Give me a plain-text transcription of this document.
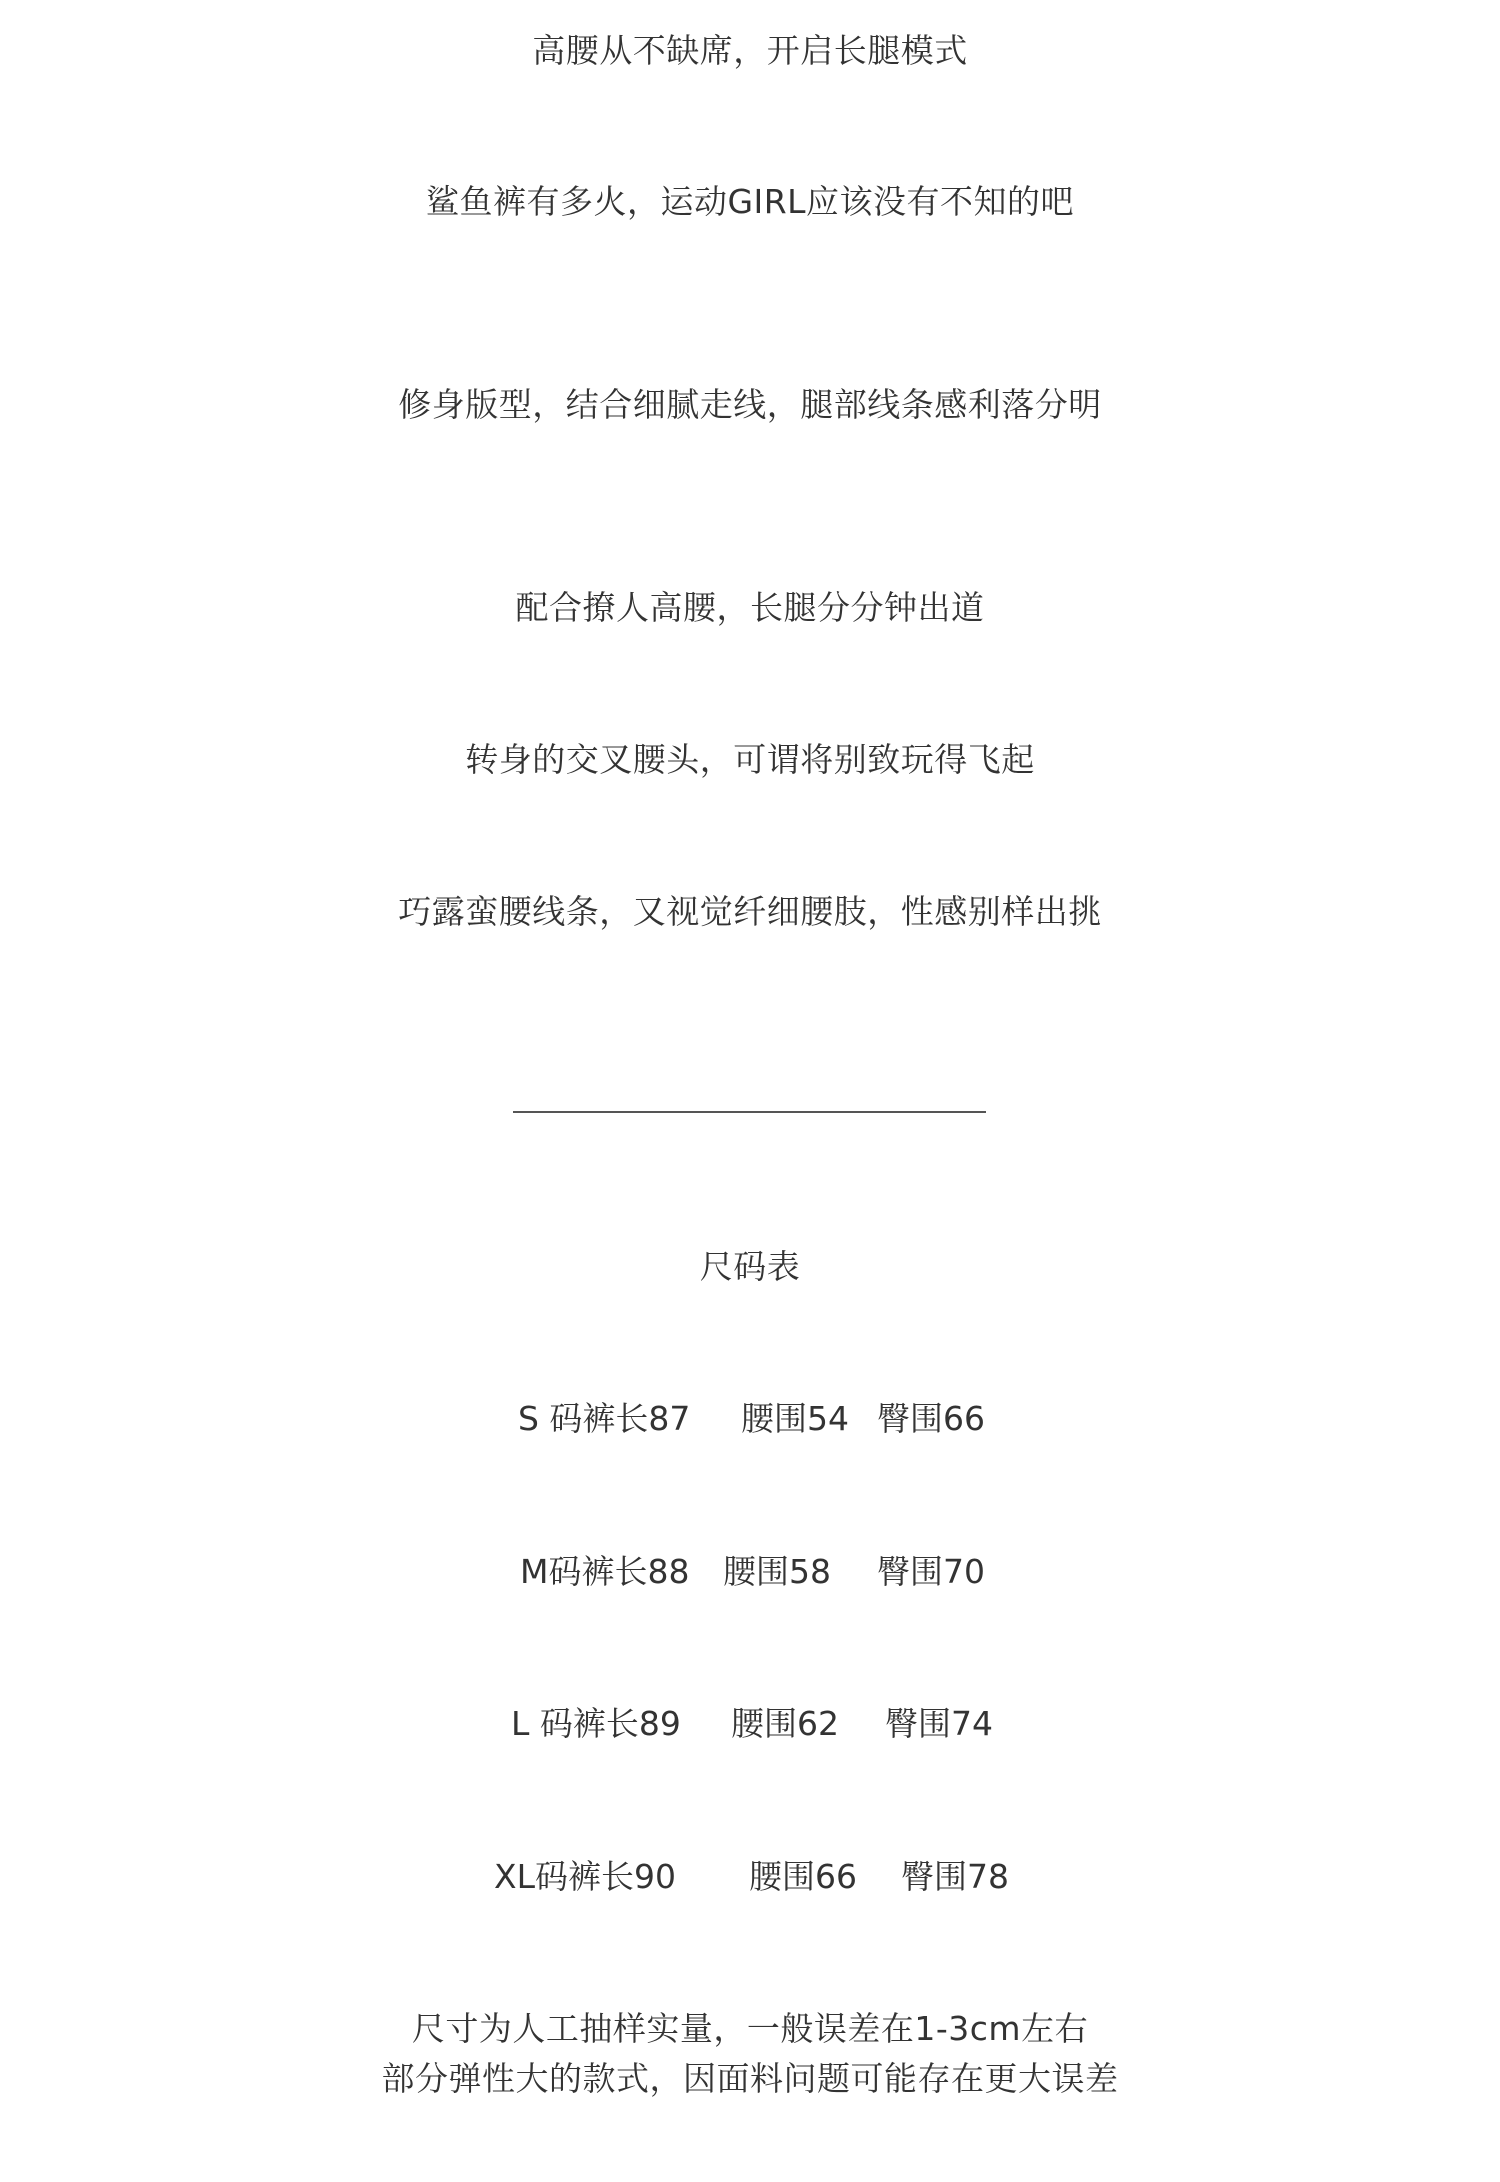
高腰从不缺席，开启长腿模式
鲨鱼裤有多火，运动GIRL应该没有不知的吧
修身版型，结合细腻走线，腿部线条感利落分明
配合撩人高腰，长腿分分钟出道
转身的交叉腰头，可谓将别致玩得飞起
巧露蛮腰线条，又视觉纤细腰肢，性感别样出挑
尺码表

S 码裤长87

腰围54

臀围66

M码裤长88

腰围58

臀围70

L 码裤长89

腰围62

臀围74

XL码裤长90

腰围66

臀围78

尺寸为人工抽样实量，一般误差在1-3cm左右
部分弹性大的款式，因面料问题可能存在更大误差
